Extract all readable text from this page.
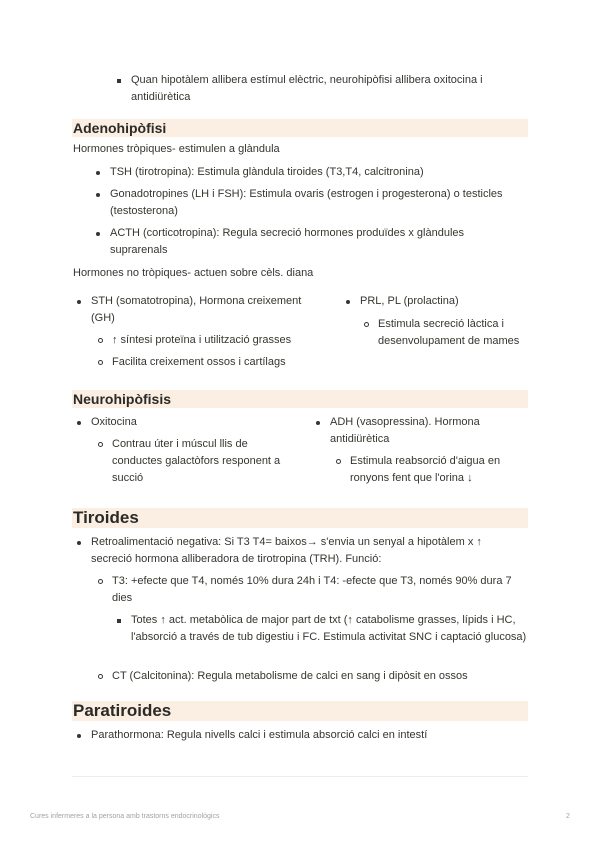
Quan hipotàlem allibera estímul elèctric, neurohipòfisi allibera oxitocina i antidiürètica
Adenohipòfisi
Hormones tròpiques- estimulen a glàndula
TSH (tirotropina): Estimula glàndula tiroides (T3,T4, calcitronina)
Gonadotropines (LH i FSH): Estimula ovaris (estrogen i progesterona) o testicles (testosterona)
ACTH (corticotropina): Regula secreció hormones produïdes x glàndules suprarenals
Hormones no tròpiques- actuen sobre cèls. diana
STH (somatotropina), Hormona creixement (GH)
↑ síntesi proteïna i utilització grasses
Facilita creixement ossos i cartílags
PRL, PL (prolactina)
Estimula secreció làctica i desenvolupament de mames
Neurohipòfisis
Oxitocina
Contrau úter i múscul llis de conductes galactòfors responent a succió
ADH (vasopressina). Hormona antidiürètica
Estimula reabsorció d'aigua en ronyons fent que l'orina ↓
Tiroides
Retroalimentació negativa: Si T3 T4= baixos→ s'envia un senyal a hipotàlem x ↑ secreció hormona alliberadora de tirotropina (TRH). Funció:
T3: +efecte que T4, només 10% dura 24h i T4: -efecte que T3, només 90% dura 7 dies
Totes ↑ act. metabòlica de major part de txt (↑ catabolisme grasses, lípids i HC, l'absorció a través de tub digestiu i FC. Estimula activitat SNC i captació glucosa)
CT (Calcitonina): Regula metabolisme de calci en sang i dipòsit en ossos
Paratiroides
Parathormona: Regula nivells calci i estimula absorció calci en intestí
Cures infermeres a la persona amb trastorns endocrinològics	2
